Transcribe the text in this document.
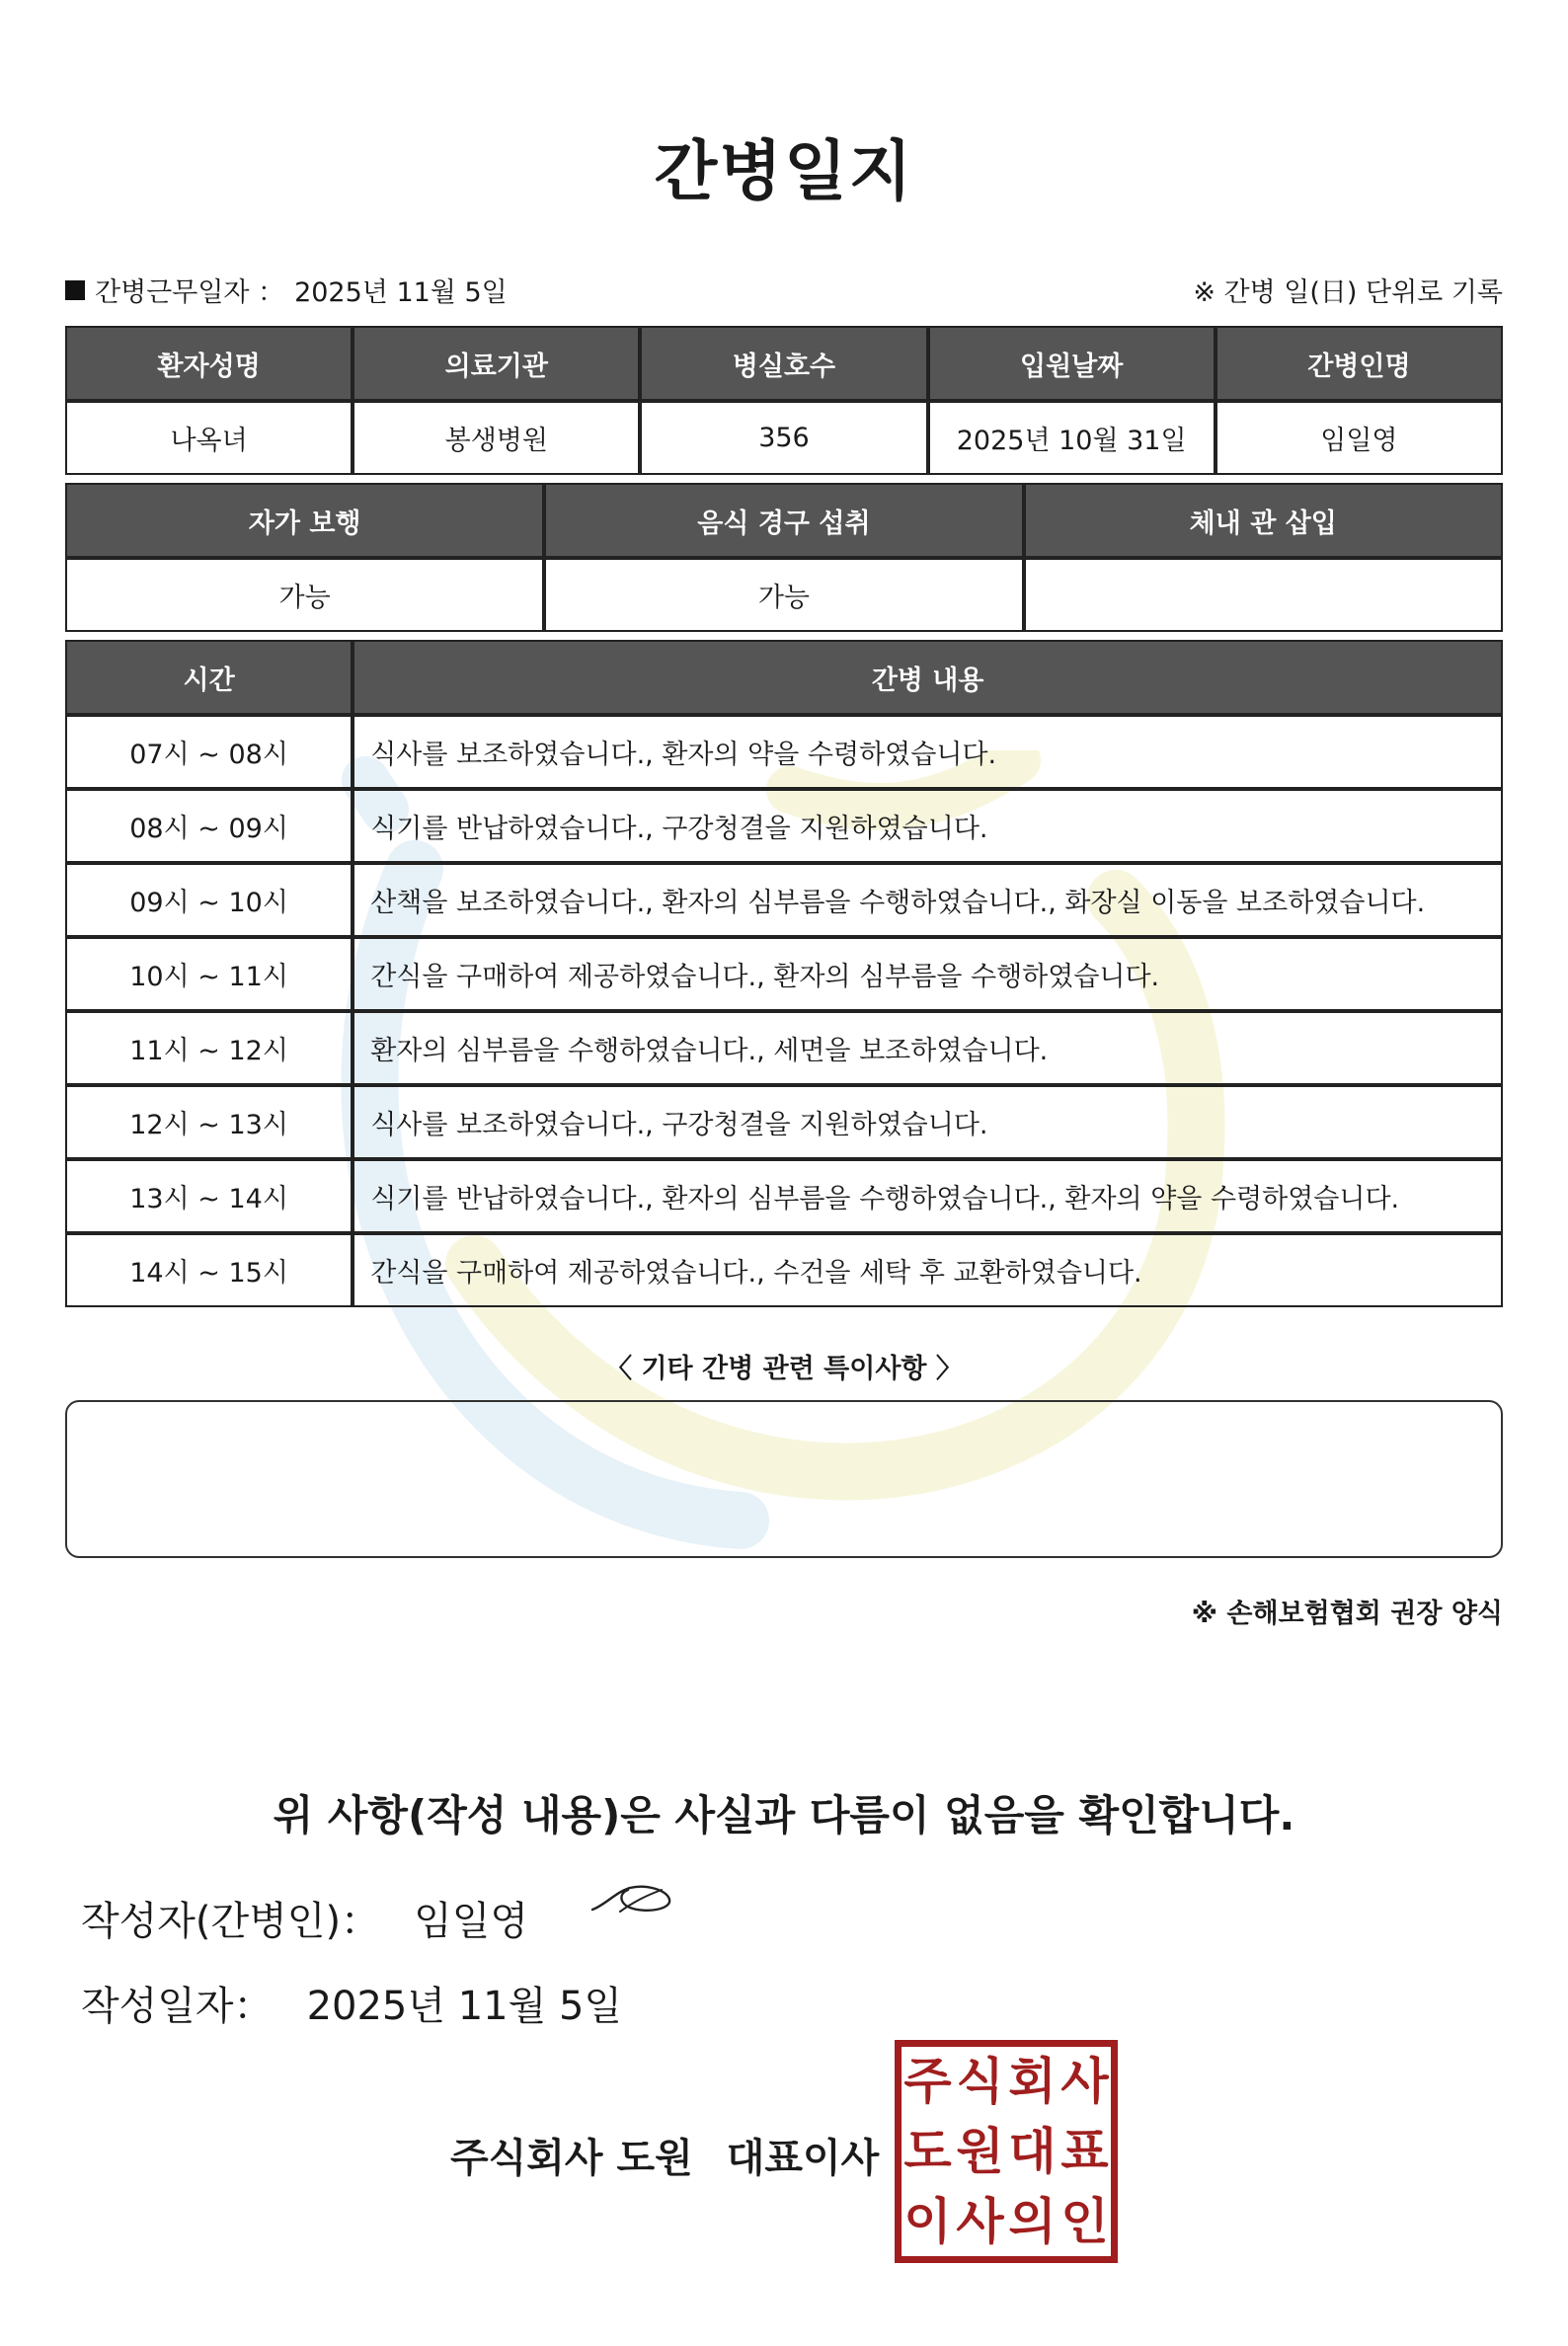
간병일지
간병근무일자 ： 2025년 11월 5일	※ 간병 일(日) 단위로 기록
환자성명	의료기관	병실호수	입원날짜	간병인명
나옥녀	봉생병원	356	2025년 10월 31일	임일영
자가 보행	음식 경구 섭취	체내 관 삽입
가능	가능	
시간	간병 내용
07시 ~ 08시	식사를 보조하였습니다., 환자의 약을 수령하였습니다.
08시 ~ 09시	식기를 반납하였습니다., 구강청결을 지원하였습니다.
09시 ~ 10시	산책을 보조하였습니다., 환자의 심부름을 수행하였습니다., 화장실 이동을 보조하였습니다.
10시 ~ 11시	간식을 구매하여 제공하였습니다., 환자의 심부름을 수행하였습니다.
11시 ~ 12시	환자의 심부름을 수행하였습니다., 세면을 보조하였습니다.
12시 ~ 13시	식사를 보조하였습니다., 구강청결을 지원하였습니다.
13시 ~ 14시	식기를 반납하였습니다., 환자의 심부름을 수행하였습니다., 환자의 약을 수령하였습니다.
14시 ~ 15시	간식을 구매하여 제공하였습니다., 수건을 세탁 후 교환하였습니다.
〈 기타 간병 관련 특이사항 〉
※ 손해보험협회 권장 양식
위 사항(작성 내용)은 사실과 다름이 없음을 확인합니다.
작성자(간병인)： 임일영
작성일자： 2025년 11월 5일
주식회사 도원 대표이사
주 식 회 사
도 원 대 표
이 사 의 인
